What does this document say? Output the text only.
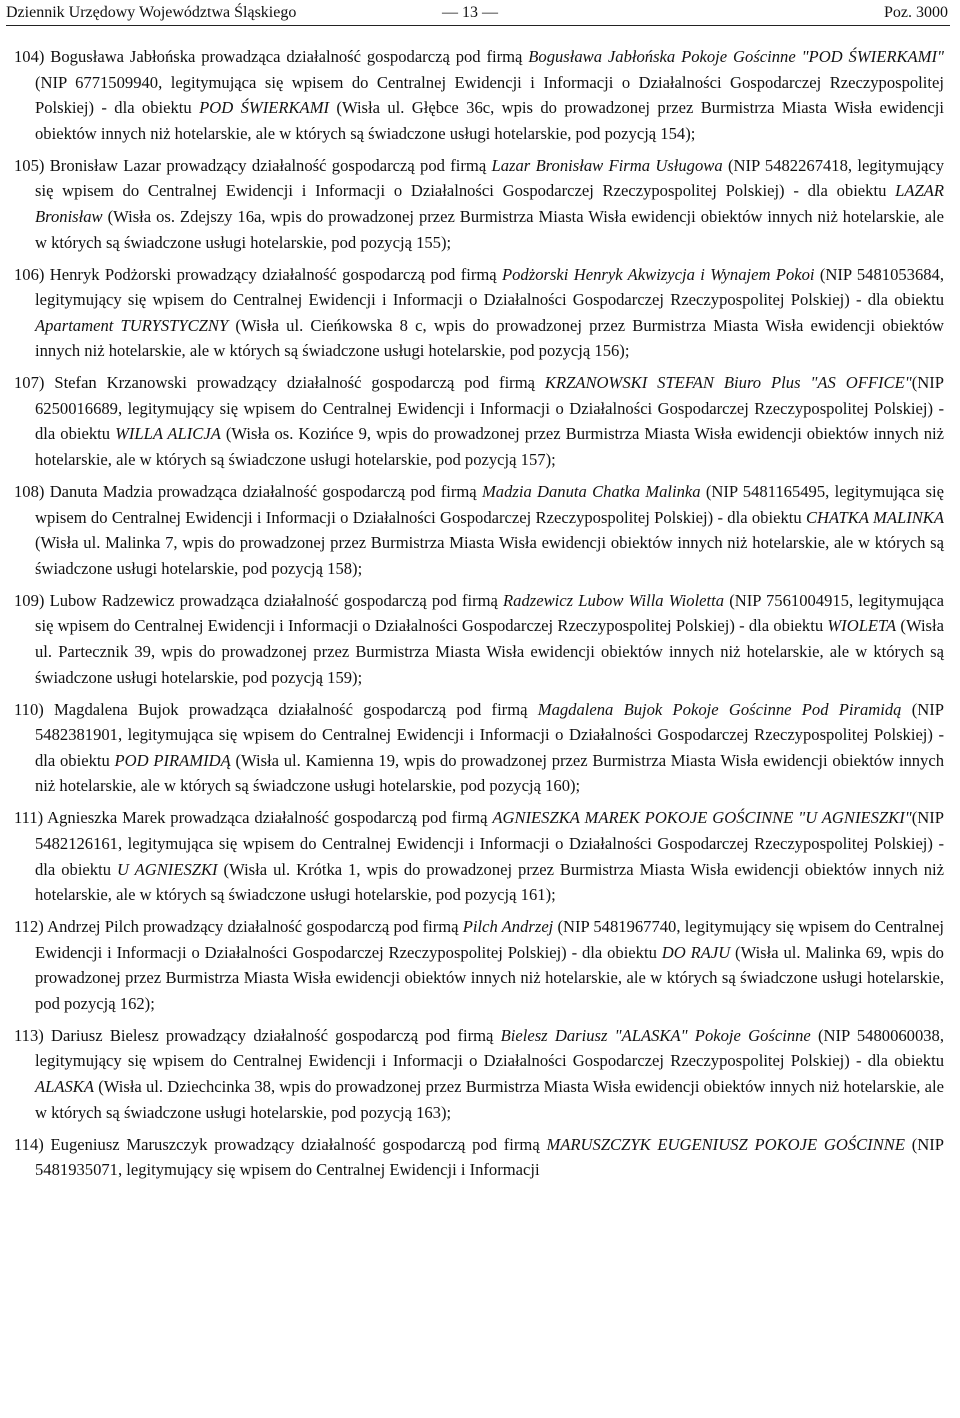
Dziennik Urzędowy Województwa Śląskiego	— 13 —	Poz. 3000

104) Bogusława Jabłońska prowadząca działalność gospodarczą pod firmą Bogusława Jabłońska Pokoje Gościnne "POD ŚWIERKAMI"(NIP 6771509940, legitymująca się wpisem do Centralnej Ewidencji i Informacji o Działalności Gospodarczej Rzeczypospolitej Polskiej) - dla obiektu POD ŚWIERKAMI (Wisła ul. Głębce 36c, wpis do prowadzonej przez Burmistrza Miasta Wisła ewidencji obiektów innych niż hotelarskie, ale w których są świadczone usługi hotelarskie, pod pozycją 154);

105) Bronisław Lazar prowadzący działalność gospodarczą pod firmą Lazar Bronisław Firma Usługowa (NIP 5482267418, legitymujący się wpisem do Centralnej Ewidencji i Informacji o Działalności Gospodarczej Rzeczypospolitej Polskiej) - dla obiektu LAZAR Bronisław (Wisła os. Zdejszy 16a, wpis do prowadzonej przez Burmistrza Miasta Wisła ewidencji obiektów innych niż hotelarskie, ale w których są świadczone usługi hotelarskie, pod pozycją 155);

106) Henryk Podżorski prowadzący działalność gospodarczą pod firmą Podżorski Henryk Akwizycja i Wynajem Pokoi (NIP 5481053684, legitymujący się wpisem do Centralnej Ewidencji i Informacji o Działalności Gospodarczej Rzeczypospolitej Polskiej) - dla obiektu Apartament TURYSTYCZNY (Wisła ul. Cieńkowska 8 c, wpis do prowadzonej przez Burmistrza Miasta Wisła ewidencji obiektów innych niż hotelarskie, ale w których są świadczone usługi hotelarskie, pod pozycją 156);

107) Stefan Krzanowski prowadzący działalność gospodarczą pod firmą KRZANOWSKI STEFAN Biuro Plus "AS OFFICE"(NIP 6250016689, legitymujący się wpisem do Centralnej Ewidencji i Informacji o Działalności Gospodarczej Rzeczypospolitej Polskiej) - dla obiektu WILLA ALICJA (Wisła os. Kozińce 9, wpis do prowadzonej przez Burmistrza Miasta Wisła ewidencji obiektów innych niż hotelarskie, ale w których są świadczone usługi hotelarskie, pod pozycją 157);

108) Danuta Madzia prowadząca działalność gospodarczą pod firmą Madzia Danuta Chatka Malinka (NIP 5481165495, legitymująca się wpisem do Centralnej Ewidencji i Informacji o Działalności Gospodarczej Rzeczypospolitej Polskiej) - dla obiektu CHATKA MALINKA (Wisła ul. Malinka 7, wpis do prowadzonej przez Burmistrza Miasta Wisła ewidencji obiektów innych niż hotelarskie, ale w których są świadczone usługi hotelarskie, pod pozycją 158);

109) Lubow Radzewicz prowadząca działalność gospodarczą pod firmą Radzewicz Lubow Willa Wioletta (NIP 7561004915, legitymująca się wpisem do Centralnej Ewidencji i Informacji o Działalności Gospodarczej Rzeczypospolitej Polskiej) - dla obiektu WIOLETA (Wisła ul. Partecznik 39, wpis do prowadzonej przez Burmistrza Miasta Wisła ewidencji obiektów innych niż hotelarskie, ale w których są świadczone usługi hotelarskie, pod pozycją 159);

110) Magdalena Bujok prowadząca działalność gospodarczą pod firmą Magdalena Bujok Pokoje Gościnne Pod Piramidą (NIP 5482381901, legitymująca się wpisem do Centralnej Ewidencji i Informacji o Działalności Gospodarczej Rzeczypospolitej Polskiej) - dla obiektu POD PIRAMIDĄ (Wisła ul. Kamienna 19, wpis do prowadzonej przez Burmistrza Miasta Wisła ewidencji obiektów innych niż hotelarskie, ale w których są świadczone usługi hotelarskie, pod pozycją 160);

111) Agnieszka Marek prowadząca działalność gospodarczą pod firmą AGNIESZKA MAREK POKOJE GOŚCINNE "U AGNIESZKI"(NIP 5482126161, legitymująca się wpisem do Centralnej Ewidencji i Informacji o Działalności Gospodarczej Rzeczypospolitej Polskiej) - dla obiektu U AGNIESZKI (Wisła ul. Krótka 1, wpis do prowadzonej przez Burmistrza Miasta Wisła ewidencji obiektów innych niż hotelarskie, ale w których są świadczone usługi hotelarskie, pod pozycją 161);

112) Andrzej Pilch prowadzący działalność gospodarczą pod firmą Pilch Andrzej (NIP 5481967740, legitymujący się wpisem do Centralnej Ewidencji i Informacji o Działalności Gospodarczej Rzeczypospolitej Polskiej) - dla obiektu DO RAJU (Wisła ul. Malinka 69, wpis do prowadzonej przez Burmistrza Miasta Wisła ewidencji obiektów innych niż hotelarskie, ale w których są świadczone usługi hotelarskie, pod pozycją 162);

113) Dariusz Bielesz prowadzący działalność gospodarczą pod firmą Bielesz Dariusz "ALASKA" Pokoje Gościnne (NIP 5480060038, legitymujący się wpisem do Centralnej Ewidencji i Informacji o Działalności Gospodarczej Rzeczypospolitej Polskiej) - dla obiektu ALASKA (Wisła ul. Dziechcinka 38, wpis do prowadzonej przez Burmistrza Miasta Wisła ewidencji obiektów innych niż hotelarskie, ale w których są świadczone usługi hotelarskie, pod pozycją 163);

114) Eugeniusz Maruszczyk prowadzący działalność gospodarczą pod firmą MARUSZCZYK EUGENIUSZ POKOJE GOŚCINNE (NIP 5481935071, legitymujący się wpisem do Centralnej Ewidencji i Informacji
